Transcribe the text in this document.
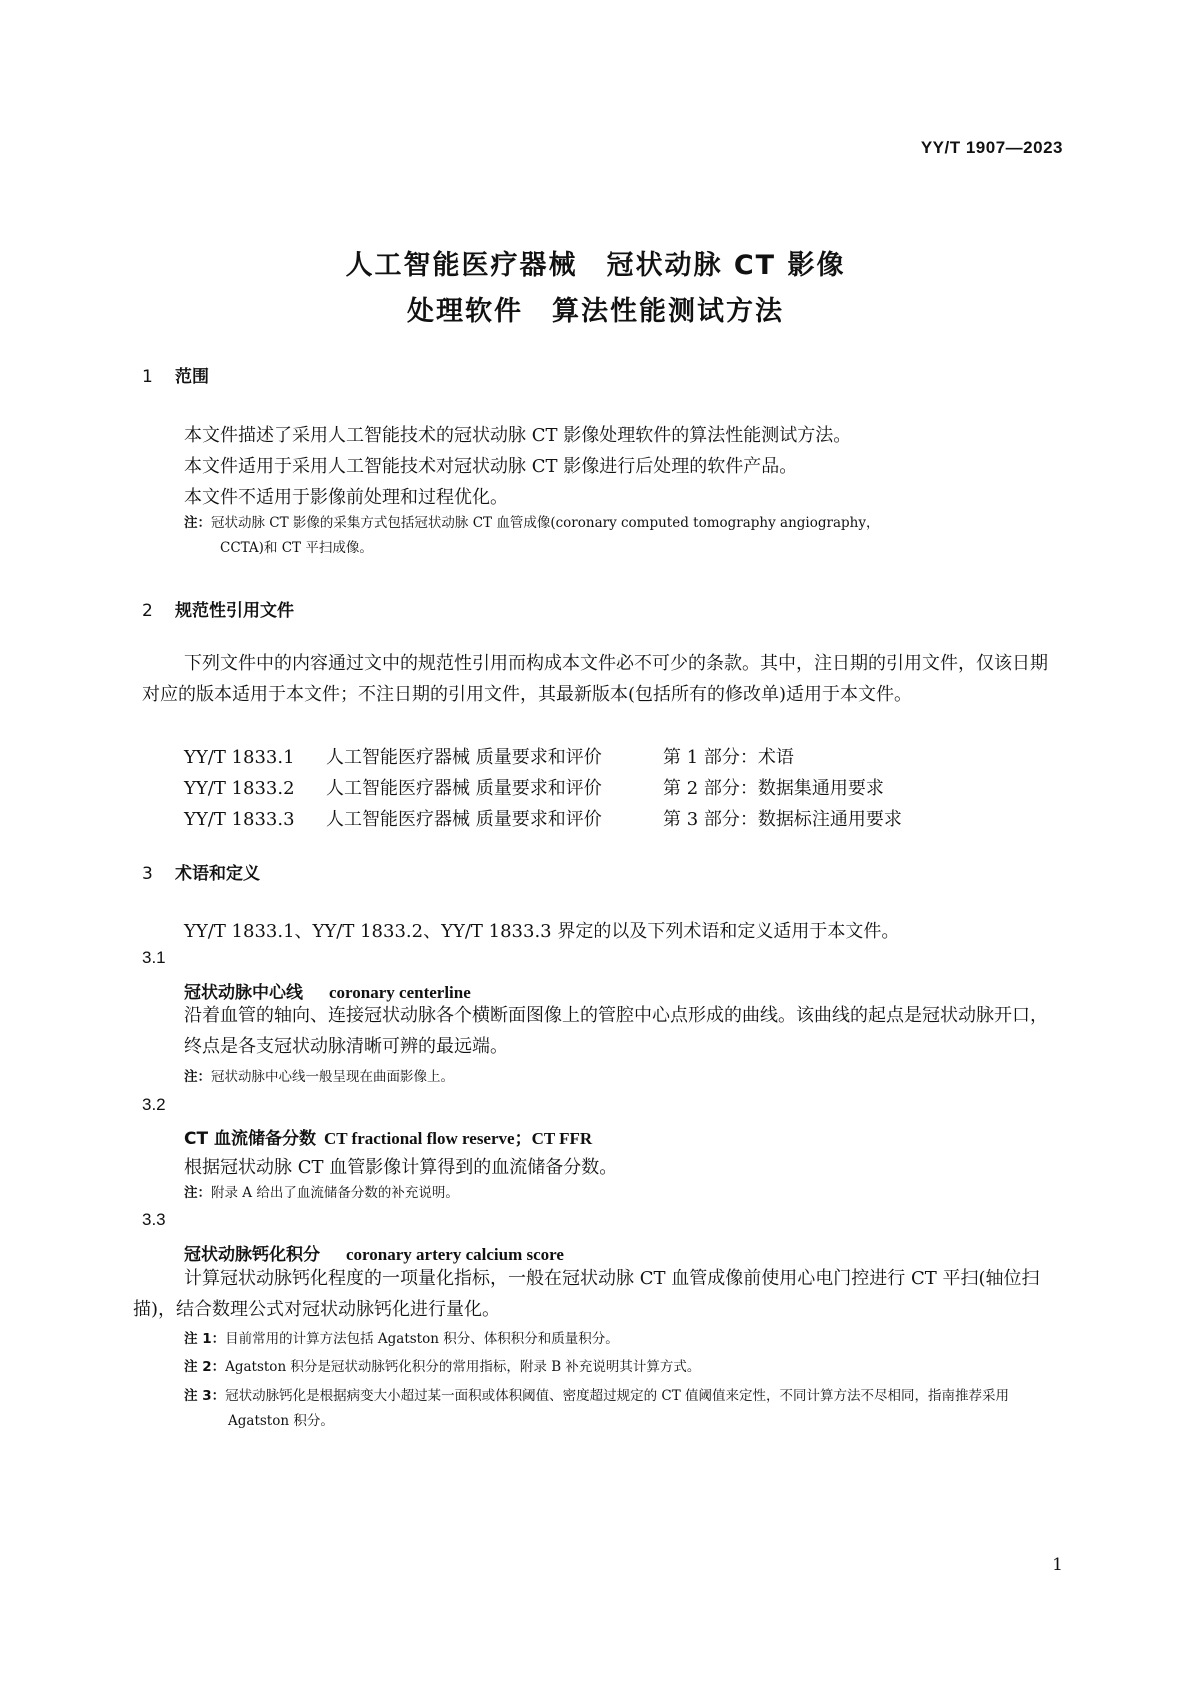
YY/T 1907—2023
人工智能医疗器械　冠状动脉 CT 影像
处理软件　算法性能测试方法
1 范围
本文件描述了采用人工智能技术的冠状动脉 CT 影像处理软件的算法性能测试方法。
本文件适用于采用人工智能技术对冠状动脉 CT 影像进行后处理的软件产品。
本文件不适用于影像前处理和过程优化。
注：冠状动脉 CT 影像的采集方式包括冠状动脉 CT 血管成像(coronary computed tomography angiography，
CCTA)和 CT 平扫成像。
2 规范性引用文件
下列文件中的内容通过文中的规范性引用而构成本文件必不可少的条款。其中，注日期的引用文件，仅该日期对应的版本适用于本文件；不注日期的引用文件，其最新版本(包括所有的修改单)适用于本文件。
YY/T 1833.1 人工智能医疗器械 质量要求和评价	第 1 部分：术语
YY/T 1833.2 人工智能医疗器械 质量要求和评价	第 2 部分：数据集通用要求
YY/T 1833.3 人工智能医疗器械 质量要求和评价	第 3 部分：数据标注通用要求
3 术语和定义
YY/T 1833.1、YY/T 1833.2、YY/T 1833.3 界定的以及下列术语和定义适用于本文件。
3.1
冠状动脉中心线 coronary centerline
沿着血管的轴向、连接冠状动脉各个横断面图像上的管腔中心点形成的曲线。该曲线的起点是冠状动脉开口，终点是各支冠状动脉清晰可辨的最远端。
注：冠状动脉中心线一般呈现在曲面影像上。
3.2
CT 血流储备分数 CT fractional flow reserve；CT FFR
根据冠状动脉 CT 血管影像计算得到的血流储备分数。
注：附录 A 给出了血流储备分数的补充说明。
3.3
冠状动脉钙化积分 coronary artery calcium score
计算冠状动脉钙化程度的一项量化指标，一般在冠状动脉 CT 血管成像前使用心电门控进行 CT 平扫(轴位扫描)，结合数理公式对冠状动脉钙化进行量化。
注 1：目前常用的计算方法包括 Agatston 积分、体积积分和质量积分。
注 2：Agatston 积分是冠状动脉钙化积分的常用指标，附录 B 补充说明其计算方式。
注 3：冠状动脉钙化是根据病变大小超过某一面积或体积阈值、密度超过规定的 CT 值阈值来定性，不同计算方法不尽相同，指南推荐采用 Agatston 积分。
1
